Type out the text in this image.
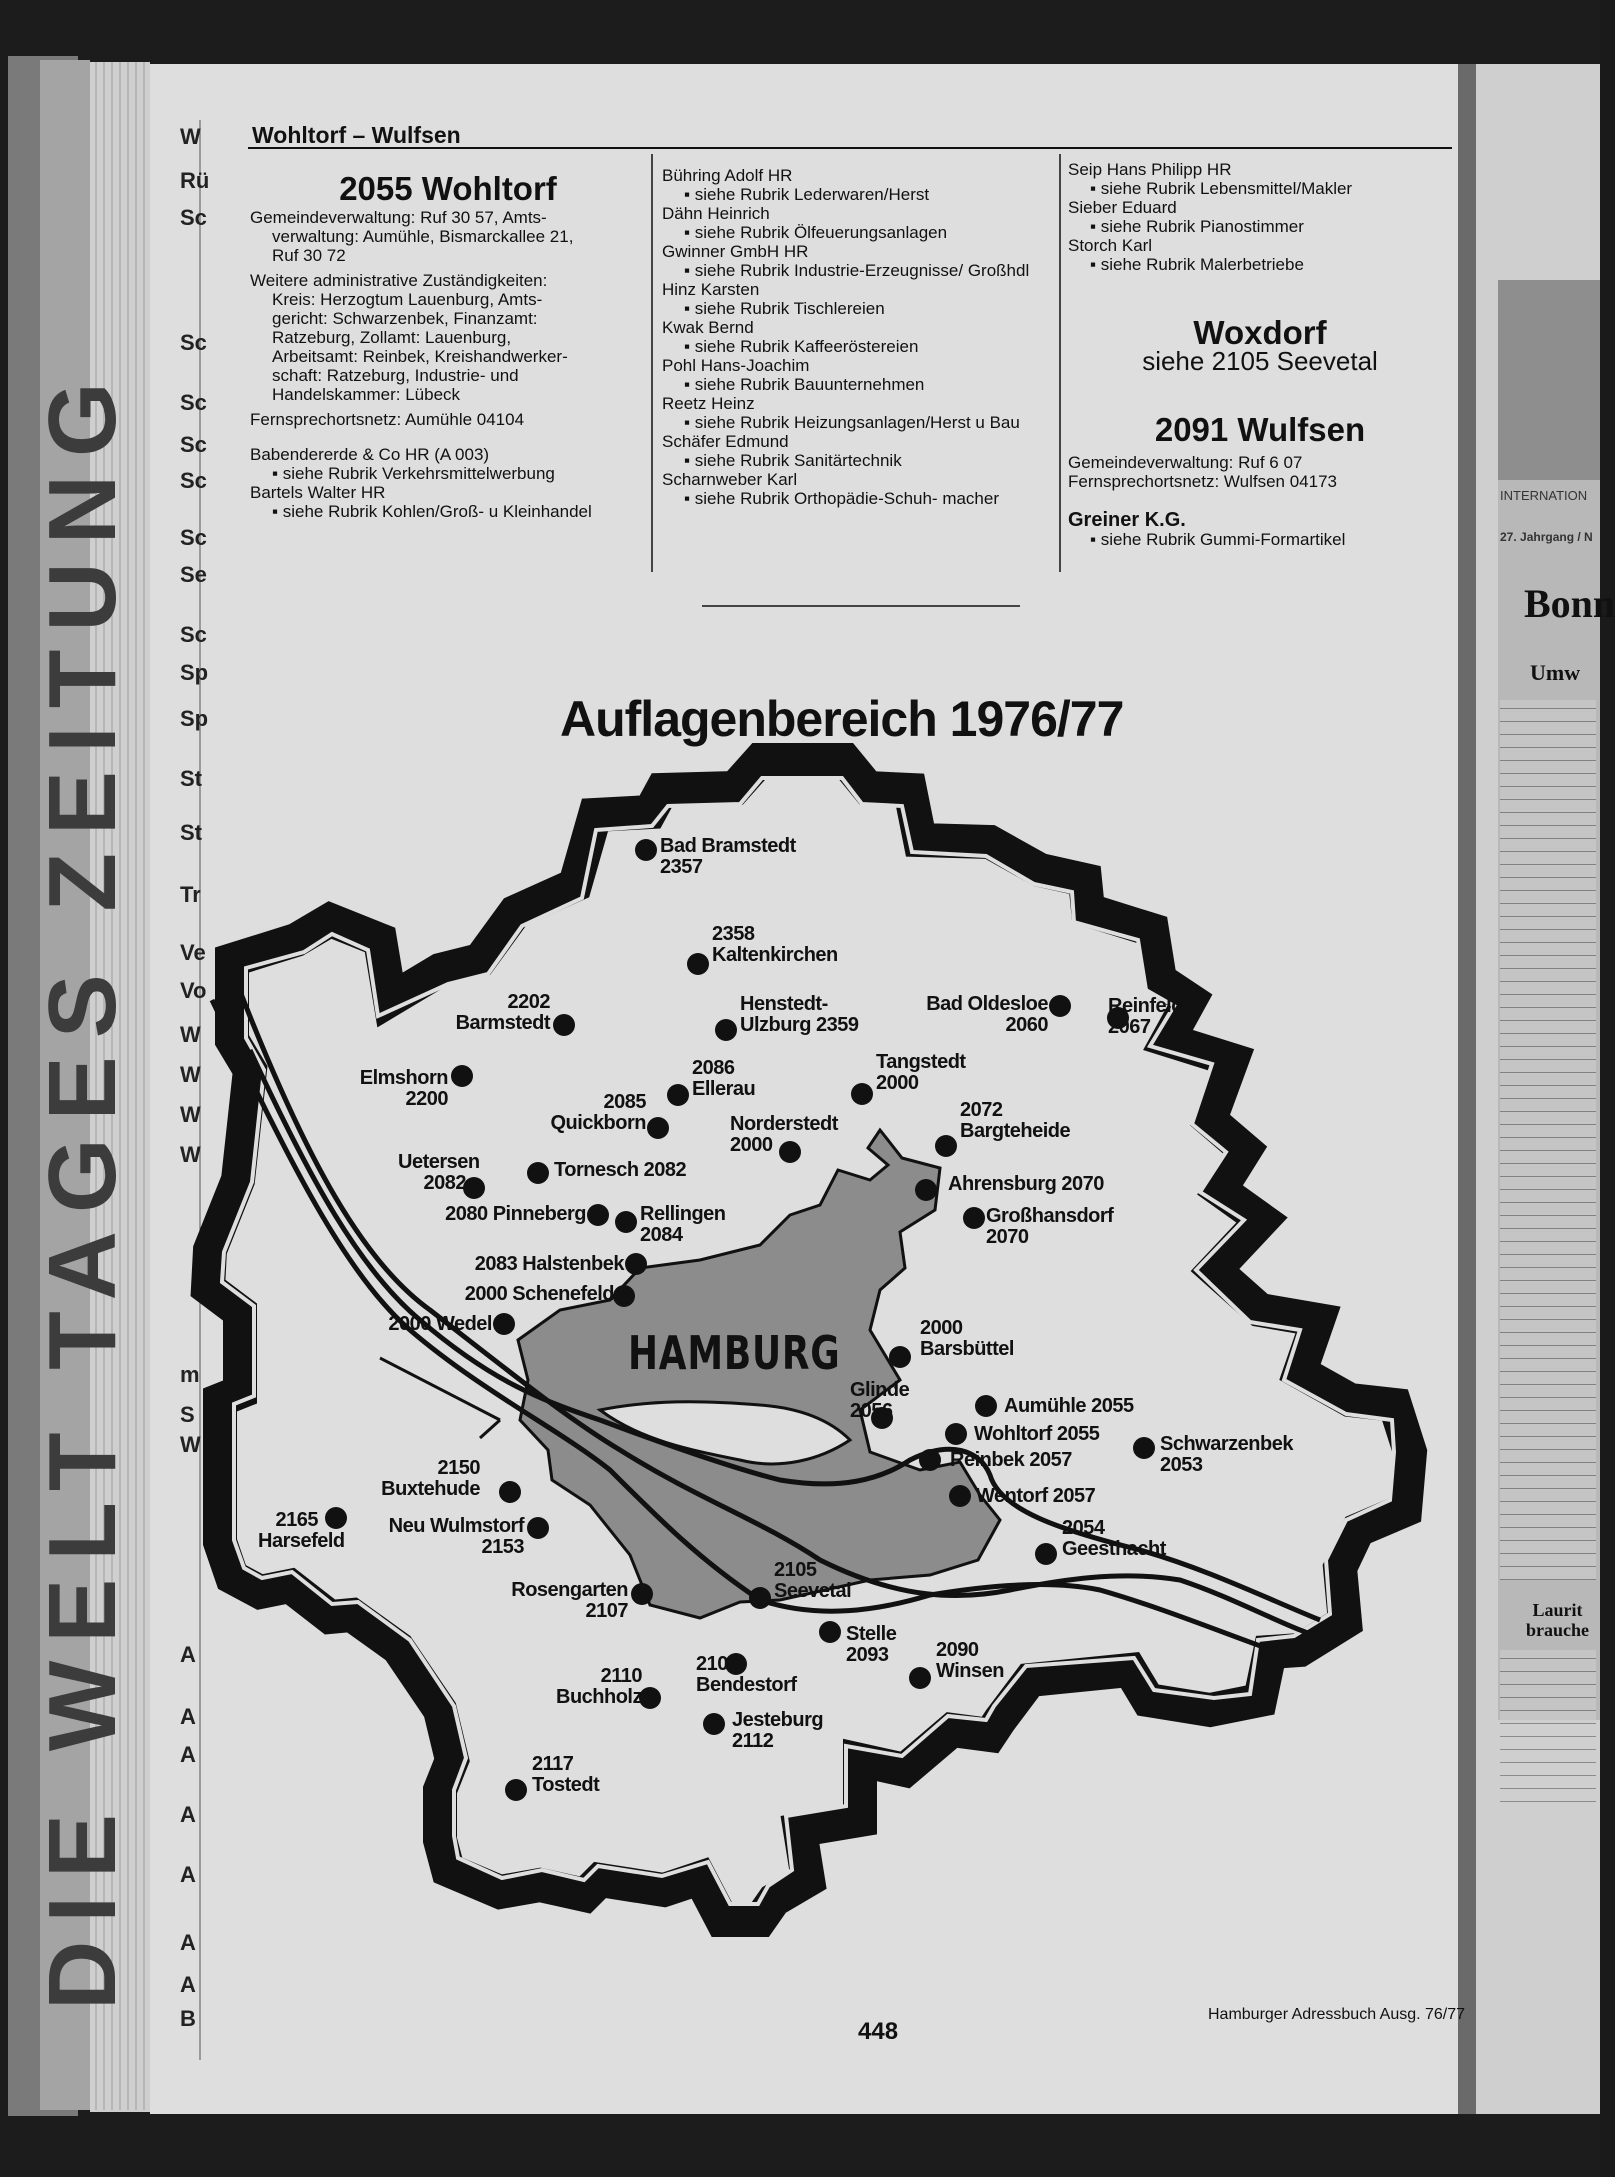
DIE WELT TAGES ZEITUNG
W
Rü
Sc
Sc
Sc
Sc
Sc
Sc
Se
Sc
Sp
Sp
St
St
Tr
Ve
Vo
W
W
W
W
m
S
W
A
A
A
A
A
A
A
B
Wohltorf – Wulfsen

2055 Wohltorf

Gemeindeverwaltung: Ruf 30 57, Amts-

verwaltung: Aumühle, Bismarckallee 21,

Ruf 30 72

Weitere administrative Zuständigkeiten:

Kreis: Herzogtum Lauenburg, Amts-

gericht: Schwarzenbek, Finanzamt:

Ratzeburg, Zollamt: Lauenburg,

Arbeitsamt: Reinbek, Kreishandwerker-

schaft: Ratzeburg, Industrie- und

Handelskammer: Lübeck

Fernsprechortsnetz: Aumühle 04104

Babendererde & Co HR (A 003)

▪ siehe Rubrik Verkehrsmittelwerbung

Bartels Walter HR

▪ siehe Rubrik Kohlen/Groß- u Kleinhandel

Bühring Adolf HR

▪ siehe Rubrik Lederwaren/Herst

Dähn Heinrich

▪ siehe Rubrik Ölfeuerungsanlagen

Gwinner GmbH HR

▪ siehe Rubrik Industrie-Erzeugnisse/ Großhdl

Hinz Karsten

▪ siehe Rubrik Tischlereien

Kwak Bernd

▪ siehe Rubrik Kaffeeröstereien

Pohl Hans-Joachim

▪ siehe Rubrik Bauunternehmen

Reetz Heinz

▪ siehe Rubrik Heizungsanlagen/Herst u Bau

Schäfer Edmund

▪ siehe Rubrik Sanitärtechnik

Scharnweber Karl

▪ siehe Rubrik Orthopädie-Schuh- macher

Seip Hans Philipp HR

▪ siehe Rubrik Lebensmittel/Makler

Sieber Eduard

▪ siehe Rubrik Pianostimmer

Storch Karl

▪ siehe Rubrik Malerbetriebe

Woxdorf

siehe 2105 Seevetal

2091 Wulfsen

Gemeindeverwaltung: Ruf 6 07

Fernsprechortsnetz: Wulfsen 04173

Greiner K.G.

▪ siehe Rubrik Gummi-Formartikel

Auflagenbereich 1976/77
HAMBURG
Bad Bramstedt
2357
2358
Kaltenkirchen
Henstedt-
Ulzburg 2359
Bad Oldesloe
2060
Reinfeld
2067
2202
Barmstedt
Elmshorn
2200
2086
Ellerau
Tangstedt
2000
2085
Quickborn	Norderstedt
2000
2072
Bargteheide
Uetersen
2082
Tornesch 2082
Ahrensburg 2070
2080 Pinneberg	Rellingen
2084
Großhansdorf
2070
2083 Halstenbek
2000 Schenefeld
2000 Wedel	2000
Barsbüttel
Glinde
2056	Aumühle 2055
Wohltorf 2055	Schwarzenbek
2053
Reinbek 2057
Wentorf 2057
2150
Buxtehude
2165
Harsefeld
Neu Wulmstorf
2153
2054
Geesthacht
2105
Seevetal
Rosengarten
2107
Stelle
2093	2090
Winsen
2106
Bendestorf
2110
Buchholz
Jesteburg
2112
2117
Tostedt
INTERNATION
27. Jahrgang / N
Bonn
Umw
Laurit
brauche
448
Hamburger Adressbuch Ausg. 76/77
